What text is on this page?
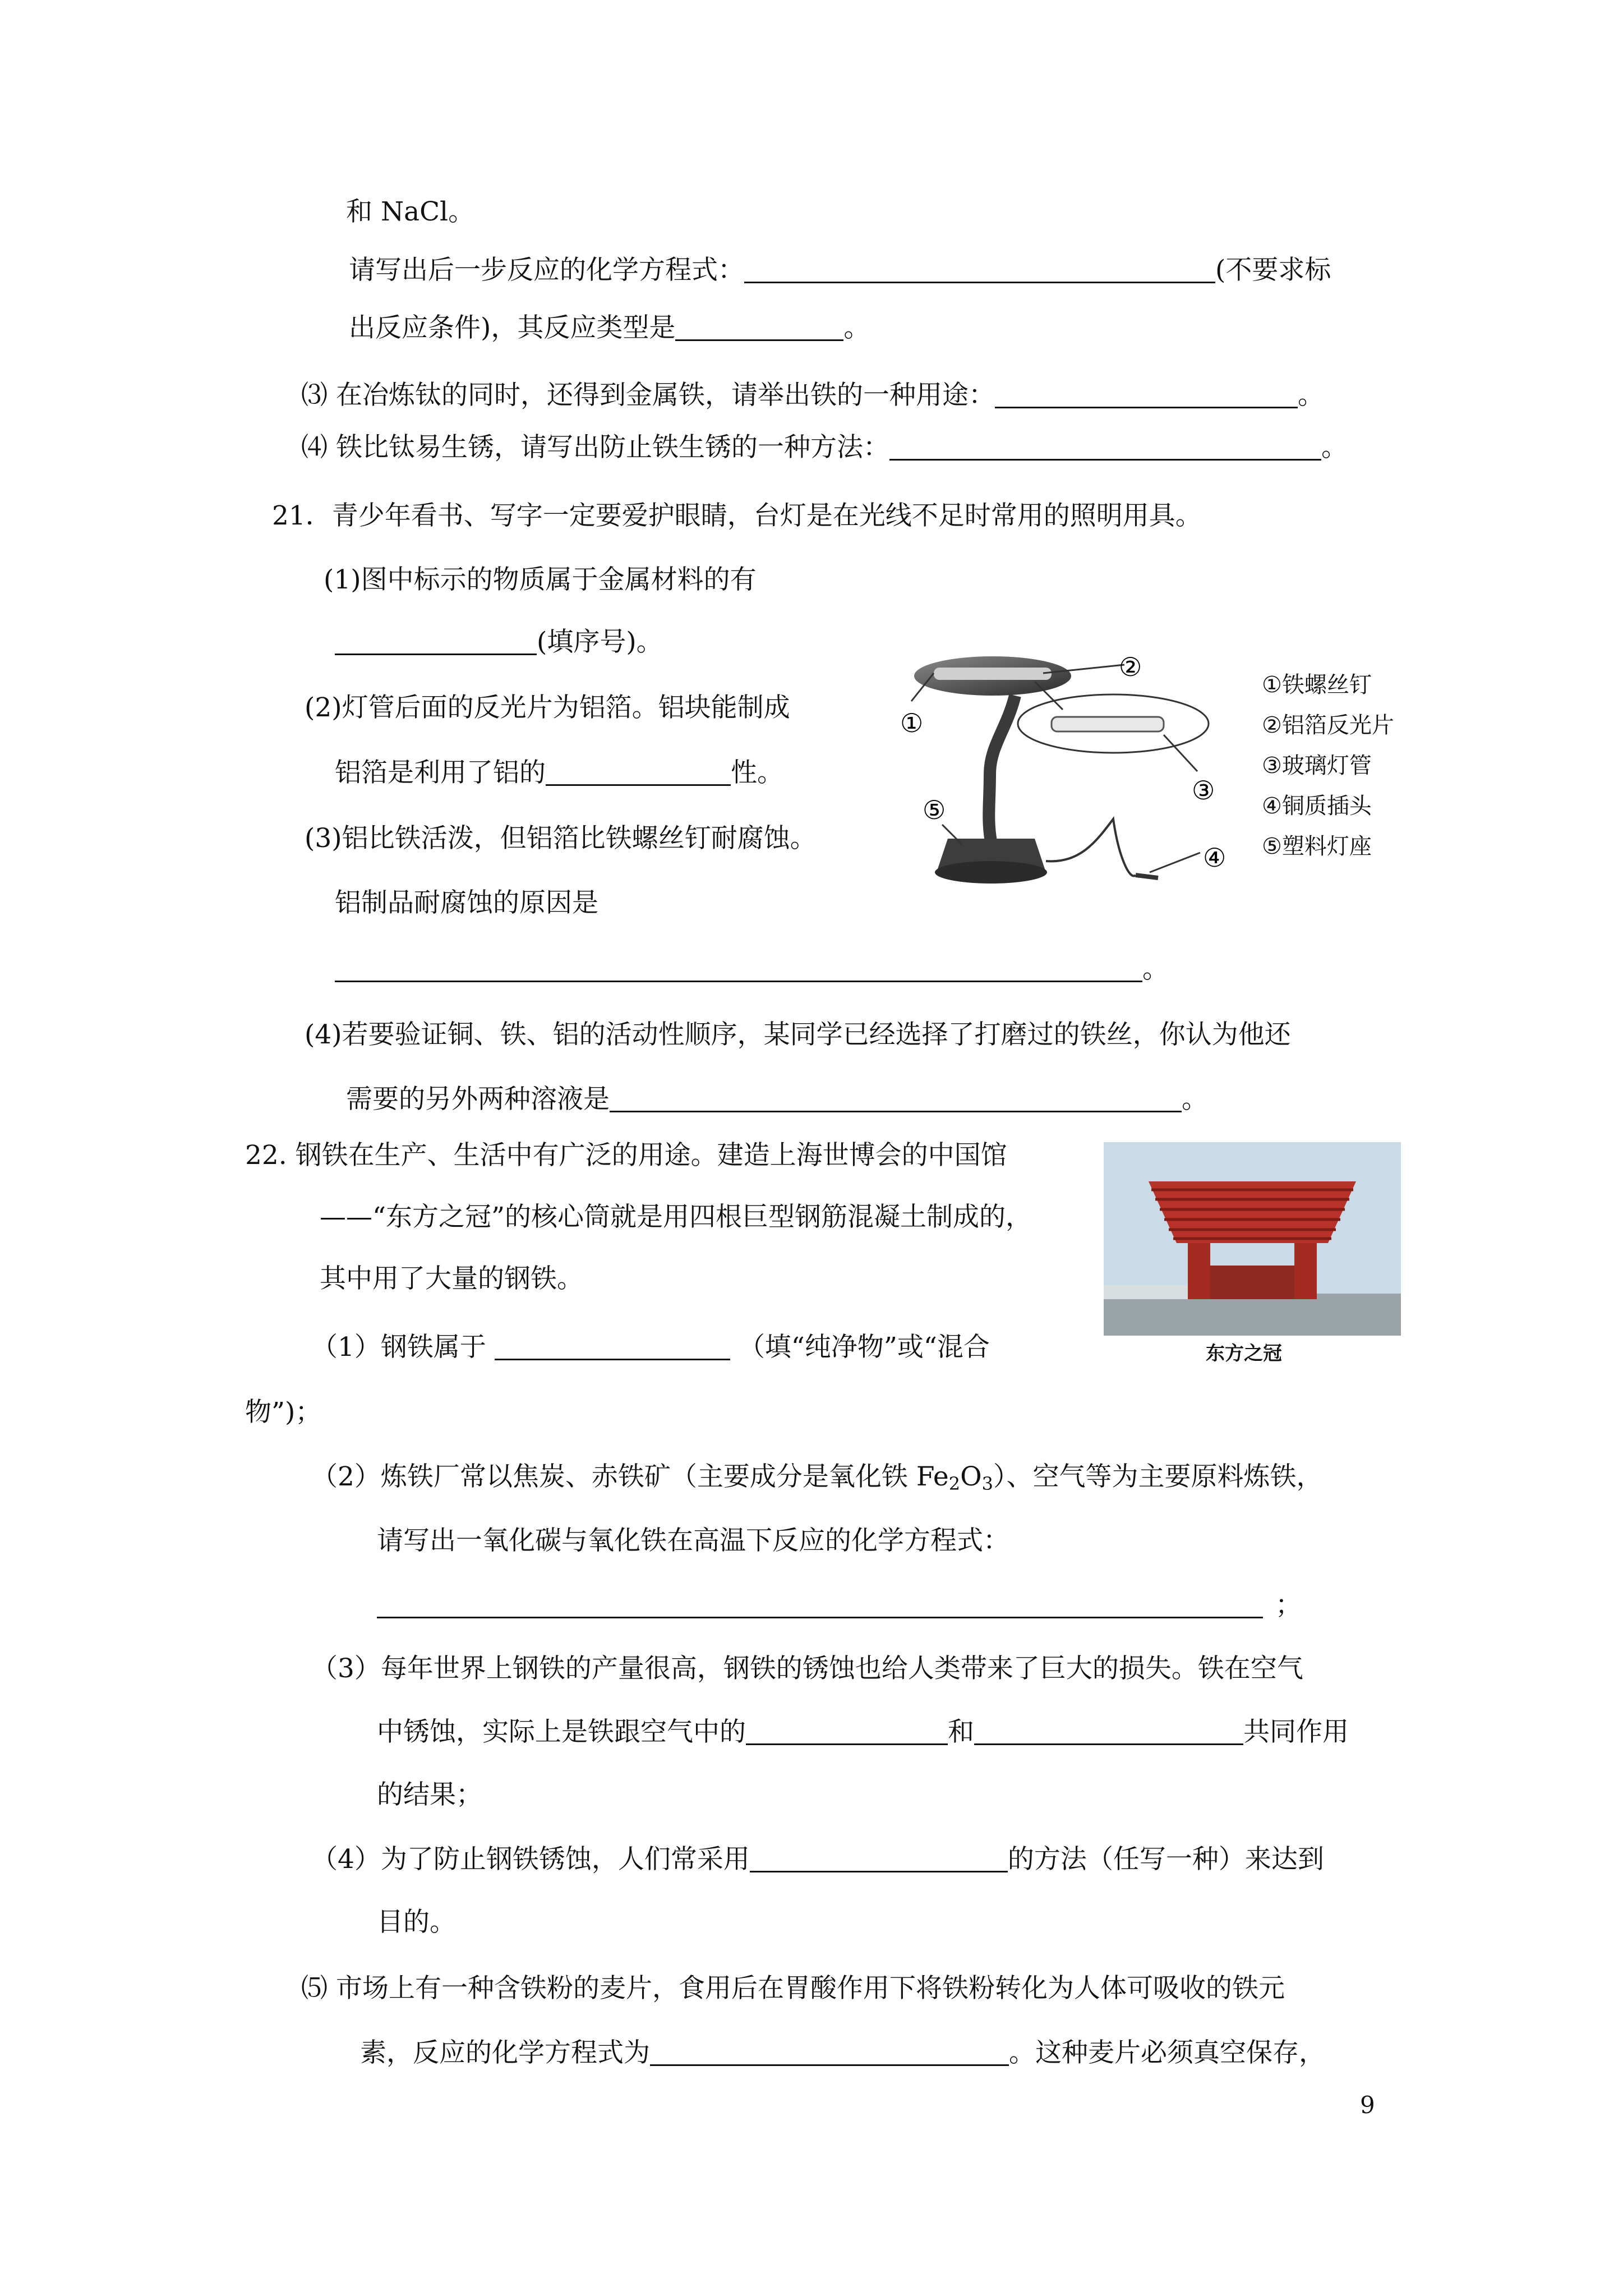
和 NaCl。
请写出后一步反应的化学方程式：	(不要求标
出反应条件)，其反应类型是	。
⑶ 在冶炼钛的同时，还得到金属铁，请举出铁的一种用途：	。
⑷ 铁比钛易生锈，请写出防止铁生锈的一种方法：	。
21．青少年看书、写字一定要爱护眼睛，台灯是在光线不足时常用的照明用具。
(1)图中标示的物质属于金属材料的有
(填序号)。
(2)灯管后面的反光片为铝箔。铝块能制成
铝箔是利用了铝的	性。
(3)铝比铁活泼，但铝箔比铁螺丝钉耐腐蚀。
铝制品耐腐蚀的原因是
。
(4)若要验证铜、铁、铝的活动性顺序，某同学已经选择了打磨过的铁丝，你认为他还
需要的另外两种溶液是	。
①
②
③
④
⑤
①铁螺丝钉
②铝箔反光片
③玻璃灯管
④铜质插头
⑤塑料灯座
22. 钢铁在生产、生活中有广泛的用途。建造上海世博会的中国馆
——“东方之冠”的核心筒就是用四根巨型钢筋混凝土制成的，
其中用了大量的钢铁。
（1）钢铁属于	（填“纯净物”或“混合
物”)；
（2）炼铁厂常以焦炭、赤铁矿（主要成分是氧化铁 $Fe_2O_3$）、空气等为主要原料炼铁，
请写出一氧化碳与氧化铁在高温下反应的化学方程式：
；
（3）每年世界上钢铁的产量很高，钢铁的锈蚀也给人类带来了巨大的损失。铁在空气
中锈蚀，实际上是铁跟空气中的	和	共同作用
的结果；
（4）为了防止钢铁锈蚀，人们常采用	的方法（任写一种）来达到
目的。
⑸ 市场上有一种含铁粉的麦片，食用后在胃酸作用下将铁粉转化为人体可吸收的铁元
素，反应的化学方程式为	。这种麦片必须真空保存，
东方之冠
9
